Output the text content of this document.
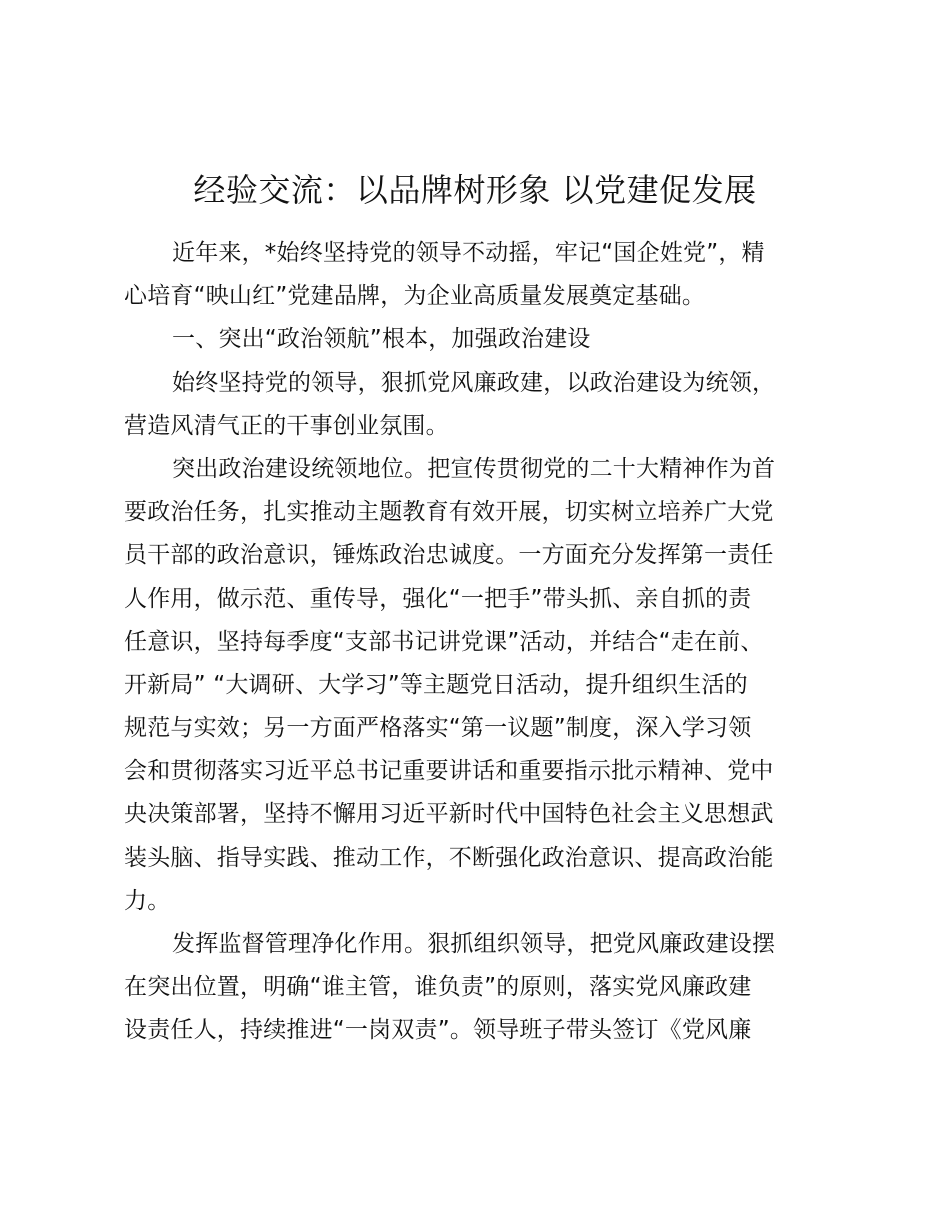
经验交流：以品牌树形象 以党建促发展
近年来，*始终坚持党的领导不动摇，牢记“国企姓党”，精
心培育“映山红”党建品牌，为企业高质量发展奠定基础。
一、突出“政治领航”根本，加强政治建设
始终坚持党的领导，狠抓党风廉政建，以政治建设为统领，
营造风清气正的干事创业氛围。
突出政治建设统领地位。把宣传贯彻党的二十大精神作为首
要政治任务，扎实推动主题教育有效开展，切实树立培养广大党
员干部的政治意识，锤炼政治忠诚度。一方面充分发挥第一责任
人作用，做示范、重传导，强化“一把手”带头抓、亲自抓的责
任意识，坚持每季度“支部书记讲党课”活动，并结合“走在前、
开新局” “大调研、大学习”等主题党日活动，提升组织生活的
规范与实效；另一方面严格落实“第一议题”制度，深入学习领
会和贯彻落实习近平总书记重要讲话和重要指示批示精神、党中
央决策部署，坚持不懈用习近平新时代中国特色社会主义思想武
装头脑、指导实践、推动工作，不断强化政治意识、提高政治能
力。
发挥监督管理净化作用。狠抓组织领导，把党风廉政建设摆
在突出位置，明确“谁主管，谁负责”的原则，落实党风廉政建
设责任人，持续推进“一岗双责”。领导班子带头签订《党风廉
